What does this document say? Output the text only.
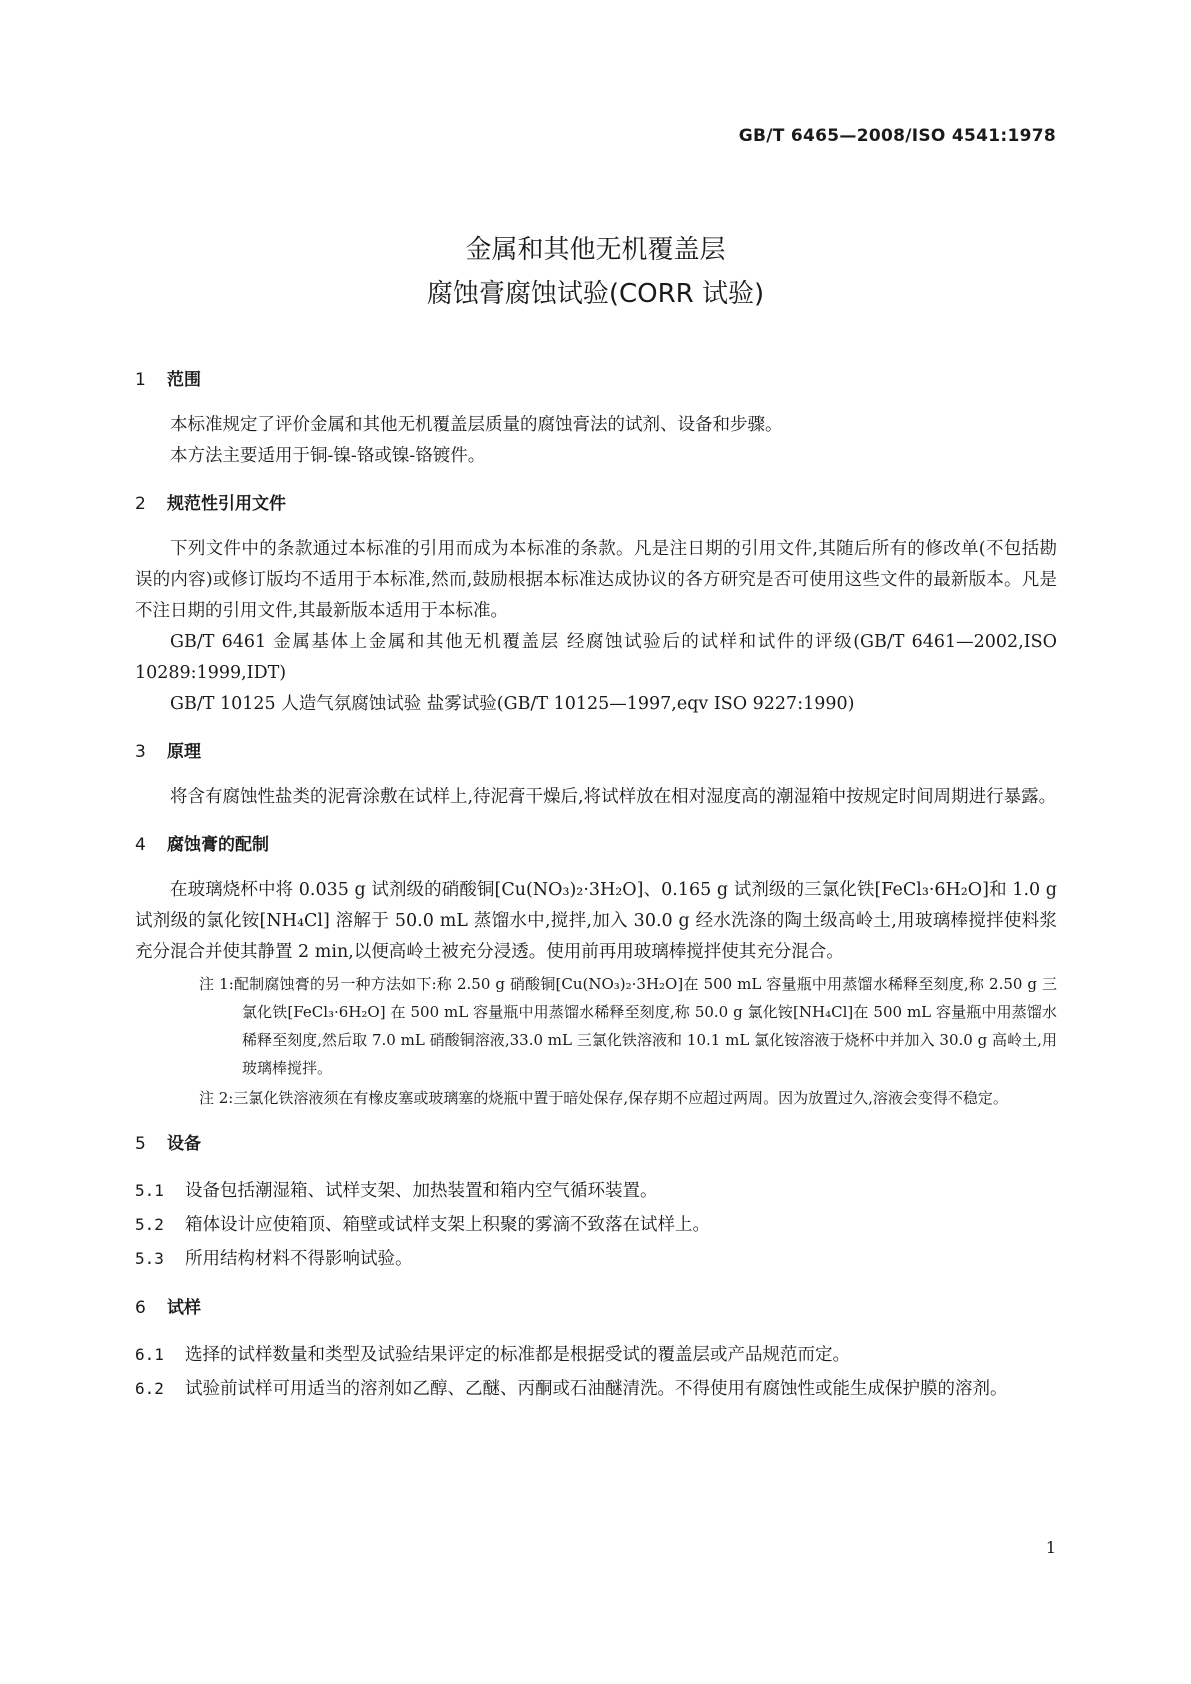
GB/T 6465—2008/ISO 4541:1978
金属和其他无机覆盖层
腐蚀膏腐蚀试验(CORR 试验)
1 范围

本标准规定了评价金属和其他无机覆盖层质量的腐蚀膏法的试剂、设备和步骤。

本方法主要适用于铜-镍-铬或镍-铬镀件。

2 规范性引用文件

下列文件中的条款通过本标准的引用而成为本标准的条款。凡是注日期的引用文件,其随后所有的修改单(不包括勘误的内容)或修订版均不适用于本标准,然而,鼓励根据本标准达成协议的各方研究是否可使用这些文件的最新版本。凡是不注日期的引用文件,其最新版本适用于本标准。

GB/T 6461 金属基体上金属和其他无机覆盖层 经腐蚀试验后的试样和试件的评级(GB/T 6461—2002,ISO 10289:1999,IDT)

GB/T 10125 人造气氛腐蚀试验 盐雾试验(GB/T 10125—1997,eqv ISO 9227:1990)

3 原理

将含有腐蚀性盐类的泥膏涂敷在试样上,待泥膏干燥后,将试样放在相对湿度高的潮湿箱中按规定时间周期进行暴露。

4 腐蚀膏的配制

在玻璃烧杯中将 0.035 g 试剂级的硝酸铜[Cu(NO₃)₂·3H₂O]、0.165 g 试剂级的三氯化铁[FeCl₃·6H₂O]和 1.0 g 试剂级的氯化铵[NH₄Cl] 溶解于 50.0 mL 蒸馏水中,搅拌,加入 30.0 g 经水洗涤的陶土级高岭土,用玻璃棒搅拌使料浆充分混合并使其静置 2 min,以便高岭土被充分浸透。使用前再用玻璃棒搅拌使其充分混合。

注 1:配制腐蚀膏的另一种方法如下:称 2.50 g 硝酸铜[Cu(NO₃)₂·3H₂O]在 500 mL 容量瓶中用蒸馏水稀释至刻度,称 2.50 g 三氯化铁[FeCl₃·6H₂O] 在 500 mL 容量瓶中用蒸馏水稀释至刻度,称 50.0 g 氯化铵[NH₄Cl]在 500 mL 容量瓶中用蒸馏水稀释至刻度,然后取 7.0 mL 硝酸铜溶液,33.0 mL 三氯化铁溶液和 10.1 mL 氯化铵溶液于烧杯中并加入 30.0 g 高岭土,用玻璃棒搅拌。

注 2:三氯化铁溶液须在有橡皮塞或玻璃塞的烧瓶中置于暗处保存,保存期不应超过两周。因为放置过久,溶液会变得不稳定。

5 设备

5.1 设备包括潮湿箱、试样支架、加热装置和箱内空气循环装置。

5.2 箱体设计应使箱顶、箱壁或试样支架上积聚的雾滴不致落在试样上。

5.3 所用结构材料不得影响试验。

6 试样

6.1 选择的试样数量和类型及试验结果评定的标准都是根据受试的覆盖层或产品规范而定。

6.2 试验前试样可用适当的溶剂如乙醇、乙醚、丙酮或石油醚清洗。不得使用有腐蚀性或能生成保护膜的溶剂。

1
